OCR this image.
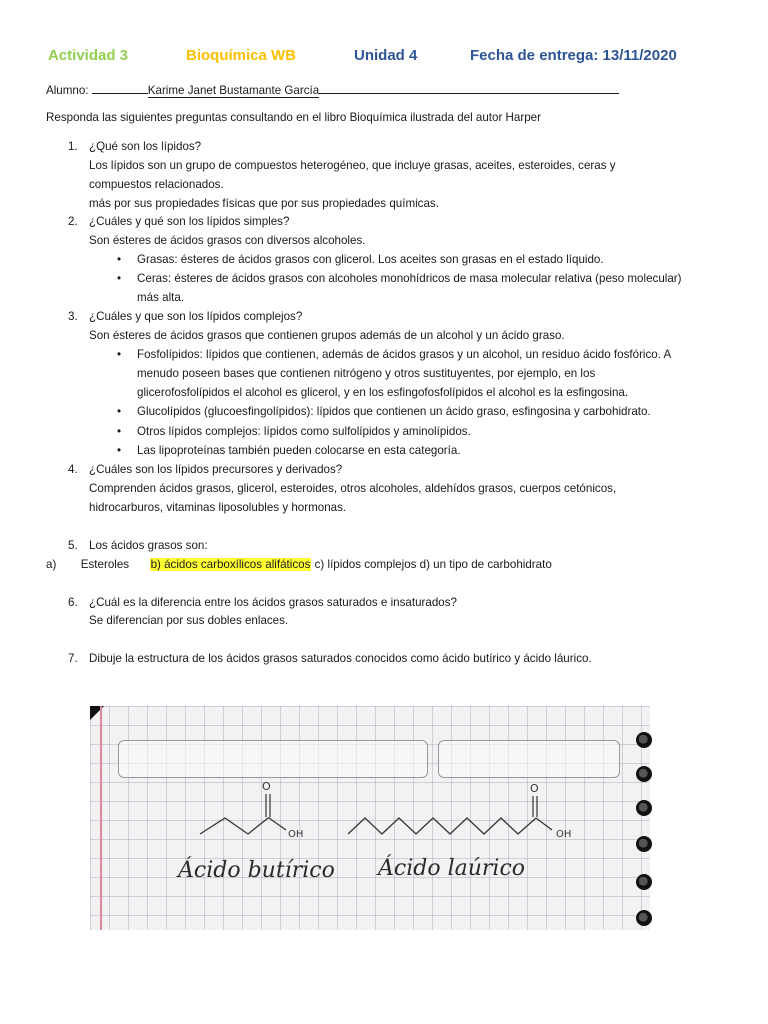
Actividad 3	Bioquímica WB	Unidad 4	Fecha de entrega: 13/11/2020
Alumno:	Karime Janet Bustamante García
Responda las siguientes preguntas consultando en el libro Bioquímica ilustrada del autor Harper
1. ¿Qué son los lípidos?
Los lípidos son un grupo de compuestos heterogéneo, que incluye grasas, aceites, esteroides, ceras y
compuestos relacionados.
más por sus propiedades físicas que por sus propiedades químicas.
2. ¿Cuáles y qué son los lípidos simples?
Son ésteres de ácidos grasos con diversos alcoholes.
• Grasas: ésteres de ácidos grasos con glicerol. Los aceites son grasas en el estado líquido.
• Ceras: ésteres de ácidos grasos con alcoholes monohídricos de masa molecular relativa (peso molecular)
más alta.
3. ¿Cuáles y que son los lípidos complejos?
Son ésteres de ácidos grasos que contienen grupos además de un alcohol y un ácido graso.
• Fosfolípidos: lípidos que contienen, además de ácidos grasos y un alcohol, un residuo ácido fosfórico. A
menudo poseen bases que contienen nitrógeno y otros sustituyentes, por ejemplo, en los
glicerofosfolípidos el alcohol es glicerol, y en los esfingofosfolípidos el alcohol es la esfingosina.
• Glucolípidos (glucoesfingolípidos): lípidos que contienen un ácido graso, esfingosina y carbohidrato.
• Otros lípidos complejos: lípidos como sulfolípidos y aminolípidos.
• Las lipoproteínas también pueden colocarse en esta categoría.
4. ¿Cuáles son los lípidos precursores y derivados?
Comprenden ácidos grasos, glicerol, esteroides, otros alcoholes, aldehídos grasos, cuerpos cetónicos,
hidrocarburos, vitaminas liposolubles y hormonas.
5. Los ácidos grasos son:
a) Esteroles b) ácidos carboxílicos alifáticos c) lípidos complejos d) un tipo de carbohidrato
6. ¿Cuál es la diferencia entre los ácidos grasos saturados e insaturados?
Se diferencian por sus dobles enlaces.
7. Dibuje la estructura de los ácidos grasos saturados conocidos como ácido butírico y ácido láurico.
O
OH
O
OH
Ácido butírico Ácido laúrico
